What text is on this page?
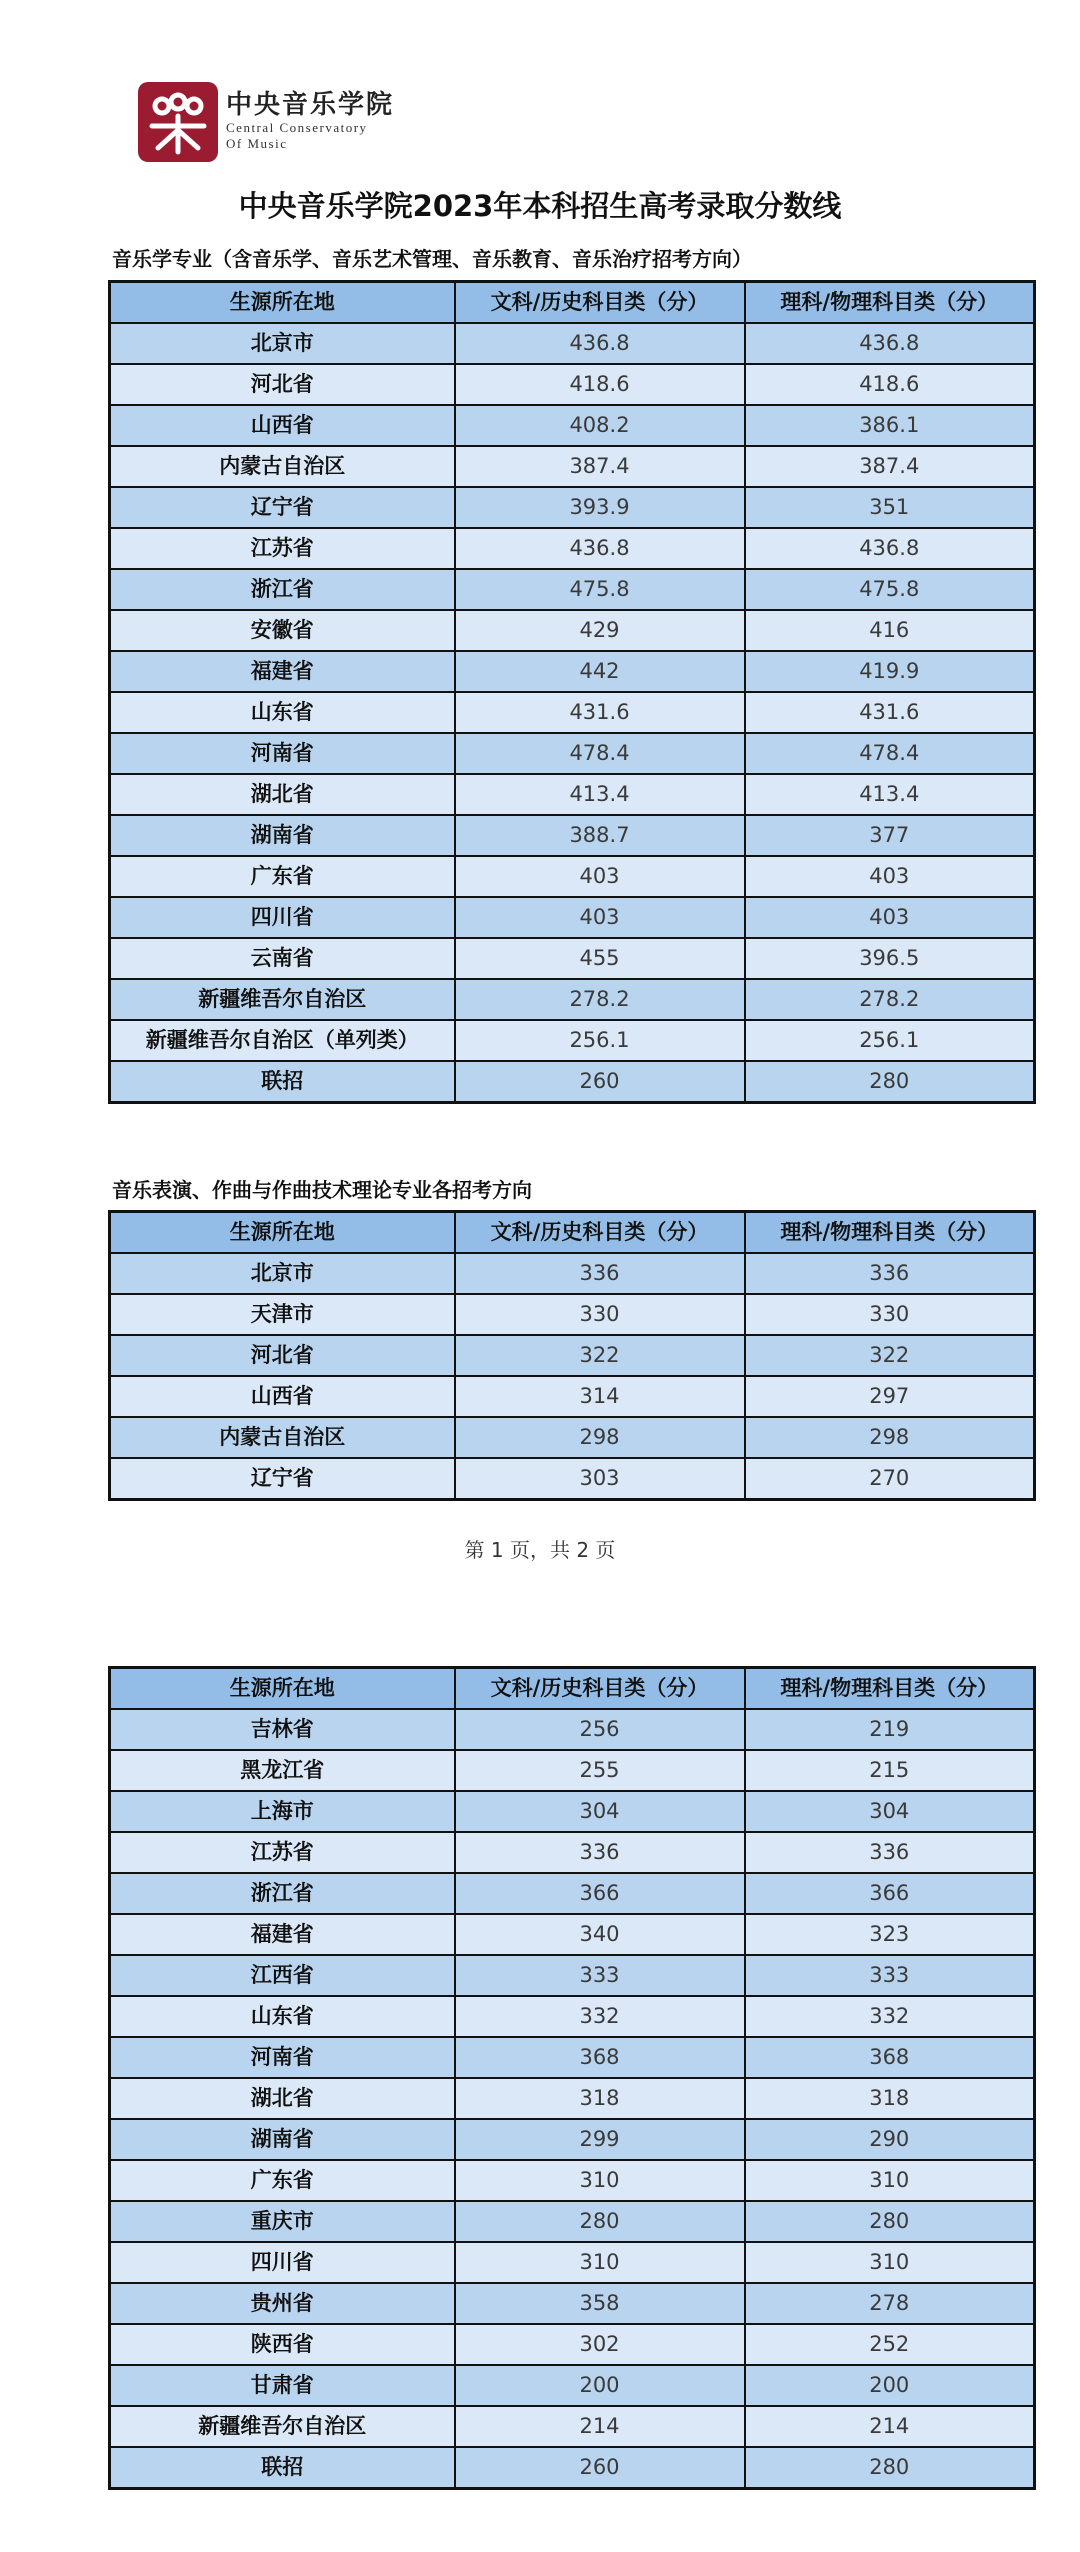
中央音乐学院
Central Conservatory
Of Music
中央音乐学院2023年本科招生高考录取分数线
音乐学专业（含音乐学、音乐艺术管理、音乐教育、音乐治疗招考方向）
生源所在地	文科/历史科目类（分）	理科/物理科目类（分）
北京市	436.8	436.8
河北省	418.6	418.6
山西省	408.2	386.1
内蒙古自治区	387.4	387.4
辽宁省	393.9	351
江苏省	436.8	436.8
浙江省	475.8	475.8
安徽省	429	416
福建省	442	419.9
山东省	431.6	431.6
河南省	478.4	478.4
湖北省	413.4	413.4
湖南省	388.7	377
广东省	403	403
四川省	403	403
云南省	455	396.5
新疆维吾尔自治区	278.2	278.2
新疆维吾尔自治区（单列类）	256.1	256.1
联招	260	280
音乐表演、作曲与作曲技术理论专业各招考方向
生源所在地	文科/历史科目类（分）	理科/物理科目类（分）
北京市	336	336
天津市	330	330
河北省	322	322
山西省	314	297
内蒙古自治区	298	298
辽宁省	303	270
第 1 页，共 2 页
生源所在地	文科/历史科目类（分）	理科/物理科目类（分）
吉林省	256	219
黑龙江省	255	215
上海市	304	304
江苏省	336	336
浙江省	366	366
福建省	340	323
江西省	333	333
山东省	332	332
河南省	368	368
湖北省	318	318
湖南省	299	290
广东省	310	310
重庆市	280	280
四川省	310	310
贵州省	358	278
陕西省	302	252
甘肃省	200	200
新疆维吾尔自治区	214	214
联招	260	280
